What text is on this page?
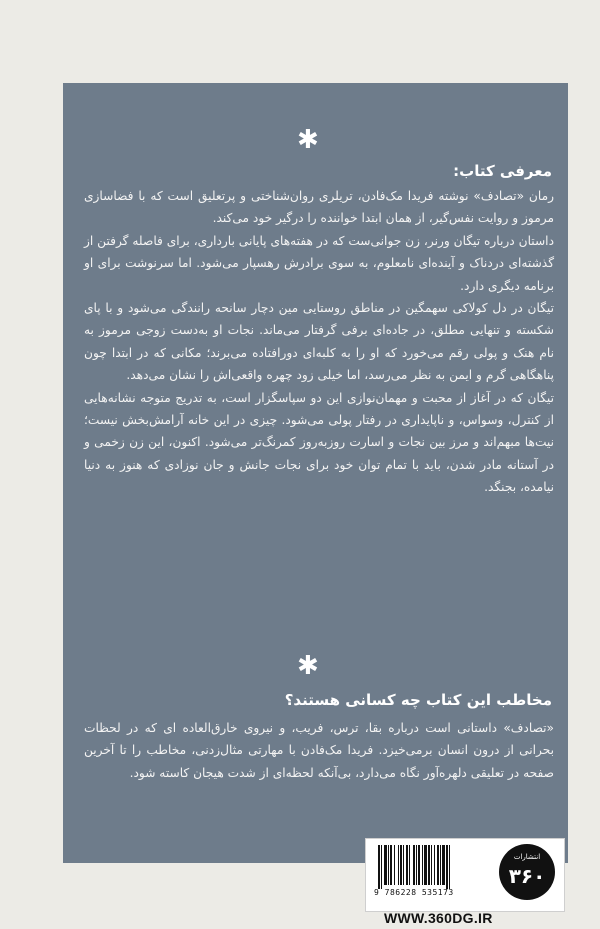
✱
معرفی کتاب:

رمان «تصادف» نوشته فریدا مک‌فادن، تریلری روان‌شناختی و پرتعلیق است که با فضاسازی مرموز و روایت نفس‌گیر، از همان ابتدا خواننده را درگیر خود می‌کند.

داستان درباره تیگان ورنر، زن جوانی‌ست که در هفته‌های پایانی بارداری، برای فاصله گرفتن از گذشته‌ای دردناک و آینده‌ای نامعلوم، به سوی برادرش رهسپار می‌شود. اما سرنوشت برای او برنامه دیگری دارد.

تیگان در دل کولاکی سهمگین در مناطق روستایی مین دچار سانحه رانندگی می‌شود و با پای شکسته و تنهایی مطلق، در جاده‌ای برفی گرفتار می‌ماند. نجات او به‌دست زوجی مرموز به نام هنک و پولی رقم می‌خورد که او را به کلبه‌ای دورافتاده می‌برند؛ مکانی که در ابتدا چون پناهگاهی گرم و ایمن به نظر می‌رسد، اما خیلی زود چهره واقعی‌اش را نشان می‌دهد.

تیگان که در آغاز از محبت و مهمان‌نوازی این دو سپاسگزار است، به تدریج متوجه نشانه‌هایی از کنترل، وسواس، و ناپایداری در رفتار پولی می‌شود. چیزی در این خانه آرامش‌بخش نیست؛ نیت‌ها مبهم‌اند و مرز بین نجات و اسارت روزبه‌روز کمرنگ‌تر می‌شود. اکنون، این زن زخمی و در آستانه مادر شدن، باید با تمام توان خود برای نجات جانش و جان نوزادی که هنوز به دنیا نیامده، بجنگد.

✱
مخاطب این کتاب چه کسانی هستند؟

«تصادف» داستانی است درباره بقا، ترس، فریب، و نیروی خارق‌العاده ای که در لحظات بحرانی از درون انسان برمی‌خیزد. فریدا مک‌فادن با مهارتی مثال‌زدنی، مخاطب را تا آخرین صفحه در تعلیقی دلهره‌آور نگاه می‌دارد، بی‌آنکه لحظه‌ای از شدت هیجان کاسته شود.

9 786228 535173
انتشارات
۳۶۰
WWW.360DG.IR
